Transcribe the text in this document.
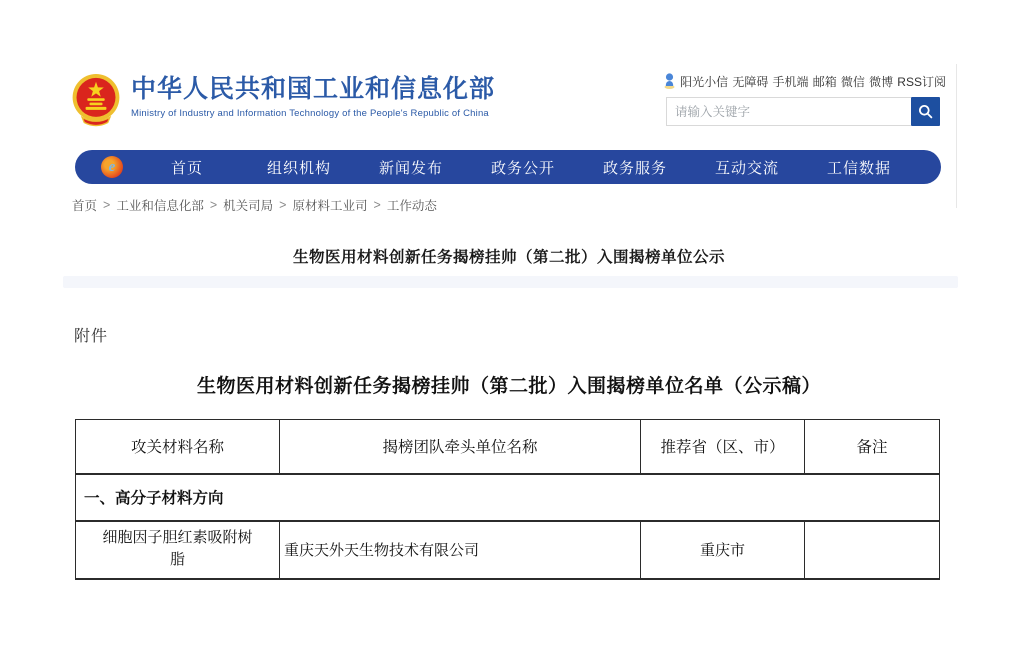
中华人民共和国工业和信息化部
Ministry of Industry and Information Technology of the People's Republic of China
阳光小信 无障碍 手机端 邮箱 微信 微博 RSS订阅
请输入关键字
e	首页	组织机构	新闻发布	政务公开	政务服务	互动交流	工信数据
首页 > 工业和信息化部 > 机关司局 > 原材料工业司 > 工作动态
生物医用材料创新任务揭榜挂帅（第二批）入围揭榜单位公示
附件
生物医用材料创新任务揭榜挂帅（第二批）入围揭榜单位名单（公示稿）
攻关材料名称	揭榜团队牵头单位名称	推荐省（区、市）	备注
一、高分子材料方向			
细胞因子胆红素吸附树脂	重庆天外天生物技术有限公司	重庆市	
